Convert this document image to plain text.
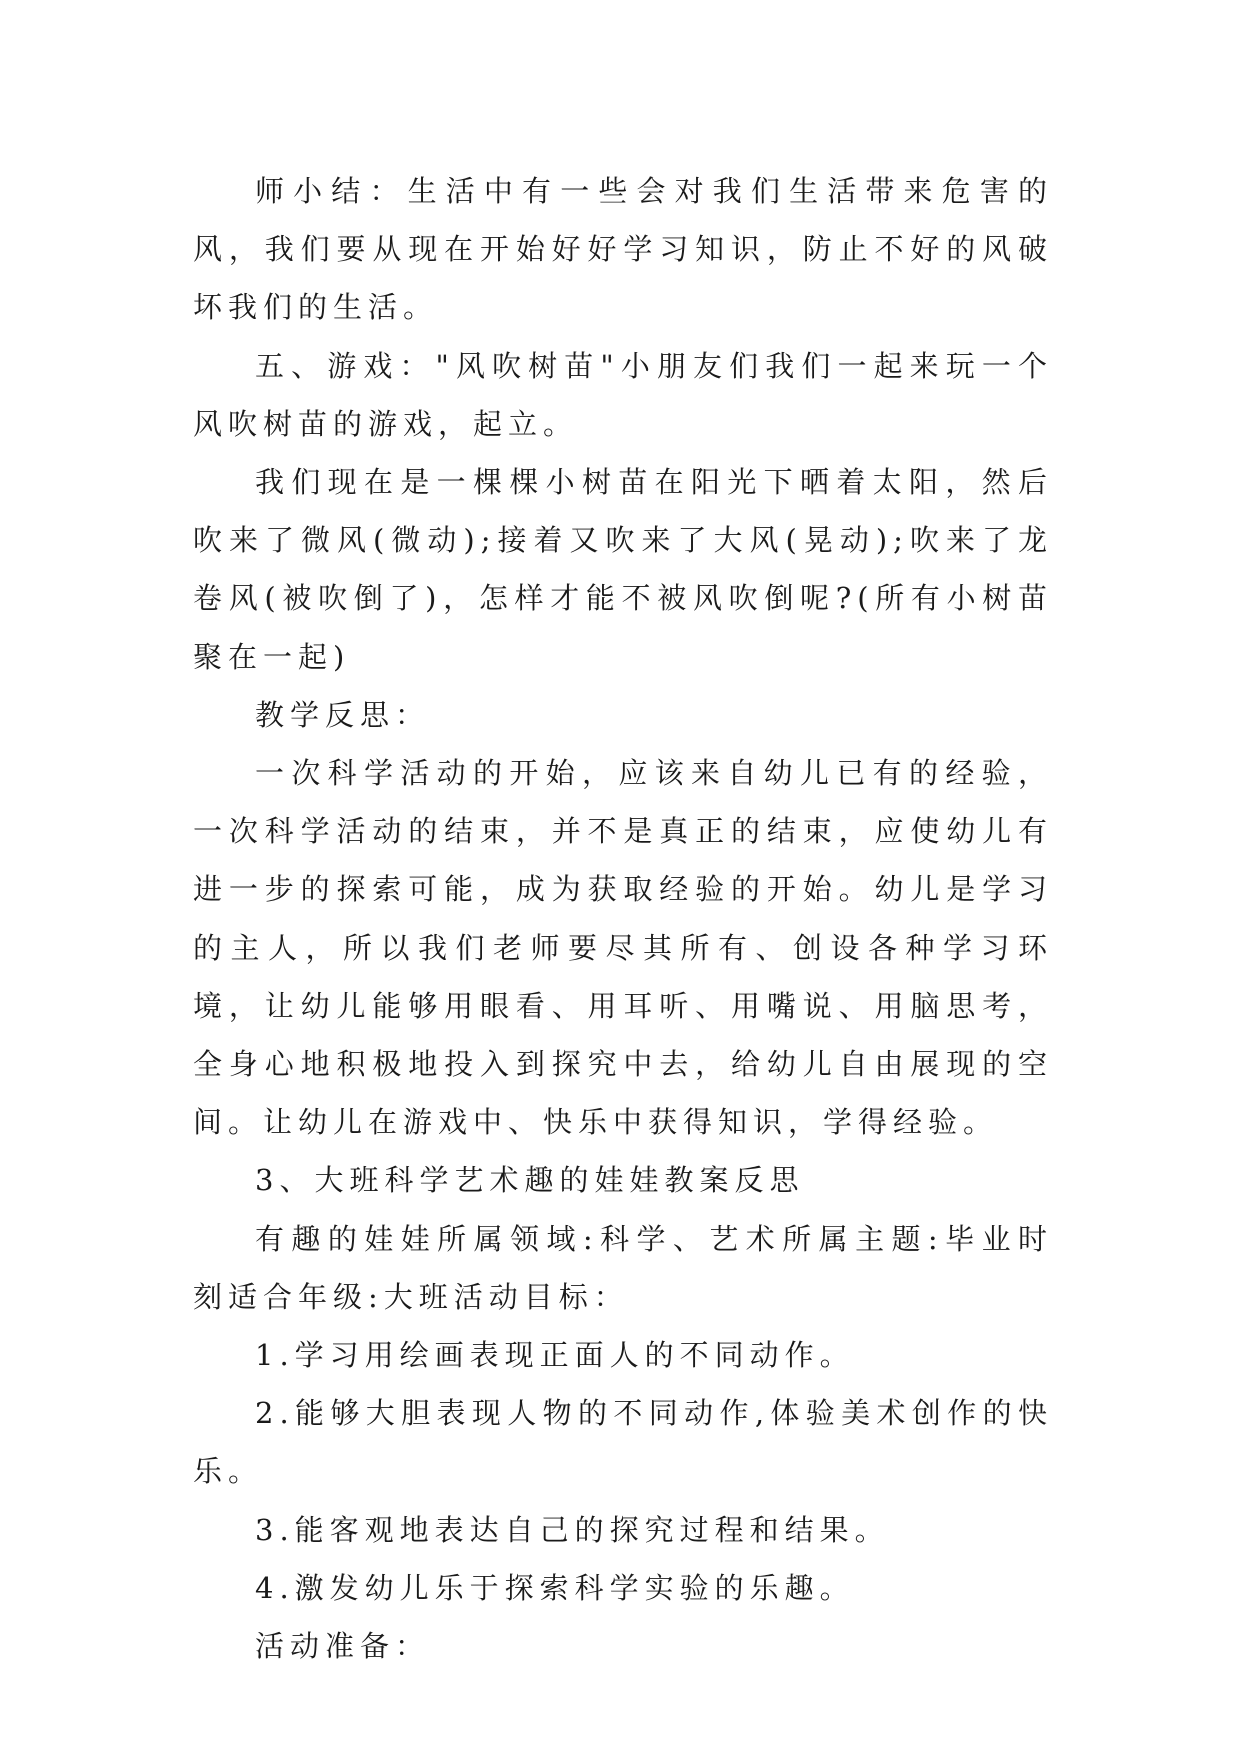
师小结：生活中有一些会对我们生活带来危害的风，我们要从现在开始好好学习知识，防止不好的风破坏我们的生活。

五、游戏："风吹树苗"小朋友们我们一起来玩一个风吹树苗的游戏，起立。

我们现在是一棵棵小树苗在阳光下晒着太阳，然后吹来了微风(微动);接着又吹来了大风(晃动);吹来了龙卷风(被吹倒了)，怎样才能不被风吹倒呢?(所有小树苗聚在一起)

教学反思：

一次科学活动的开始，应该来自幼儿已有的经验，一次科学活动的结束，并不是真正的结束，应使幼儿有进一步的探索可能，成为获取经验的开始。幼儿是学习的主人，所以我们老师要尽其所有、创设各种学习环境，让幼儿能够用眼看、用耳听、用嘴说、用脑思考，全身心地积极地投入到探究中去，给幼儿自由展现的空间。让幼儿在游戏中、快乐中获得知识，学得经验。

3、大班科学艺术趣的娃娃教案反思

有趣的娃娃所属领域:科学、艺术所属主题:毕业时刻适合年级:大班活动目标：

1.学习用绘画表现正面人的不同动作。

2.能够大胆表现人物的不同动作,体验美术创作的快乐。

3.能客观地表达自己的探究过程和结果。

4.激发幼儿乐于探索科学实验的乐趣。

活动准备：
